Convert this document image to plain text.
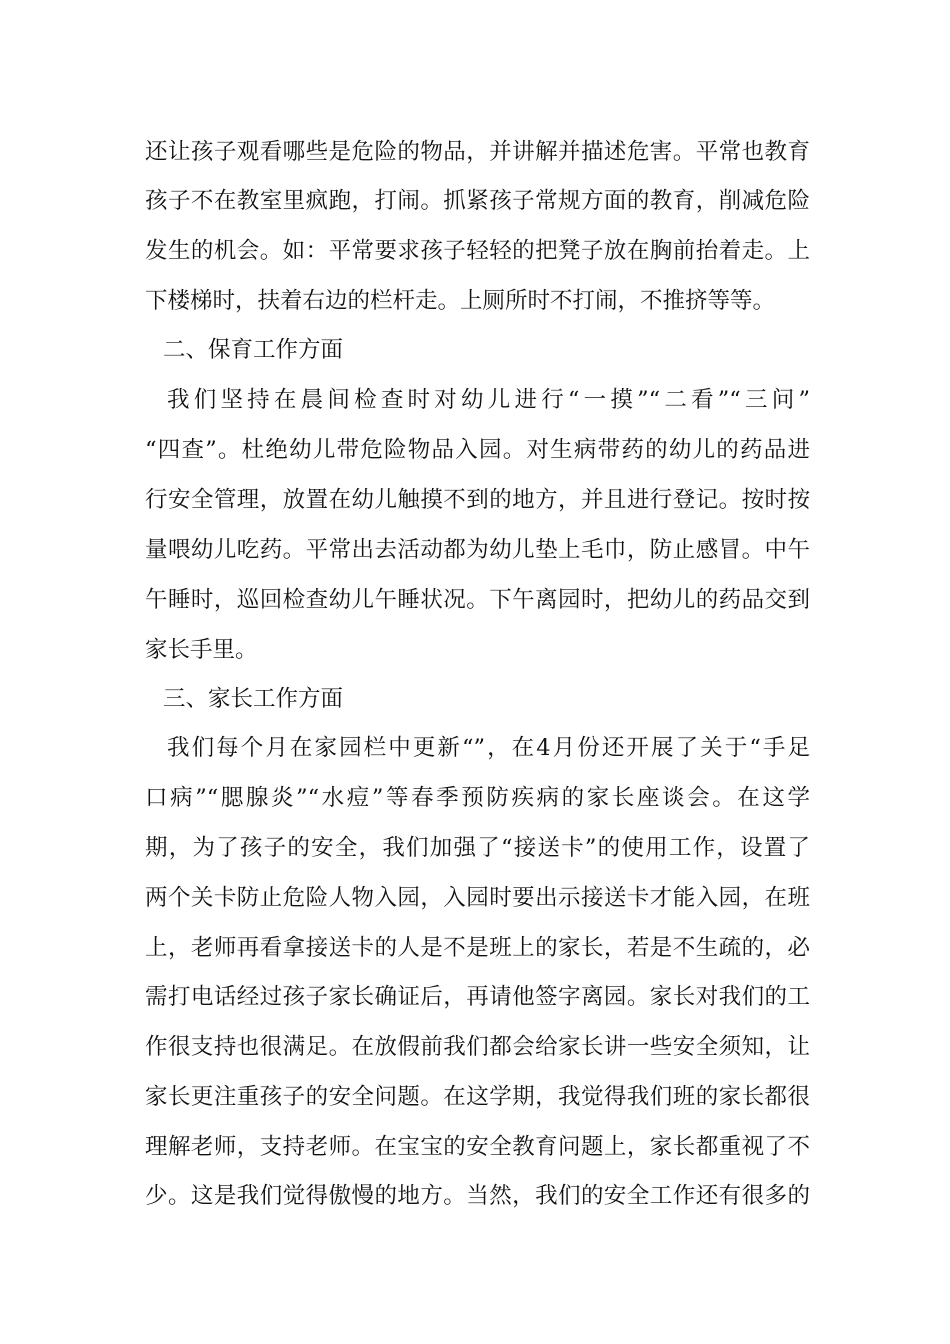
还让孩子观看哪些是危险的物品，并讲解并描述危害。平常也教育
孩子不在教室里疯跑，打闹。抓紧孩子常规方面的教育，削减危险
发生的机会。如：平常要求孩子轻轻的把凳子放在胸前抬着走。上
下楼梯时，扶着右边的栏杆走。上厕所时不打闹，不推挤等等。
二、保育工作方面
我们坚持在晨间检查时对幼儿进行“一摸”“二看”“三问”
“四查”。杜绝幼儿带危险物品入园。对生病带药的幼儿的药品进
行安全管理，放置在幼儿触摸不到的地方，并且进行登记。按时按
量喂幼儿吃药。平常出去活动都为幼儿垫上毛巾，防止感冒。中午
午睡时，巡回检查幼儿午睡状况。下午离园时，把幼儿的药品交到
家长手里。
三、家长工作方面
我们每个月在家园栏中更新“”，在4月份还开展了关于“手足
口病”“腮腺炎”“水痘”等春季预防疾病的家长座谈会。在这学
期，为了孩子的安全，我们加强了“接送卡”的使用工作，设置了
两个关卡防止危险人物入园，入园时要出示接送卡才能入园，在班
上，老师再看拿接送卡的人是不是班上的家长，若是不生疏的，必
需打电话经过孩子家长确证后，再请他签字离园。家长对我们的工
作很支持也很满足。在放假前我们都会给家长讲一些安全须知，让
家长更注重孩子的安全问题。在这学期，我觉得我们班的家长都很
理解老师，支持老师。在宝宝的安全教育问题上，家长都重视了不
少。这是我们觉得傲慢的地方。当然，我们的安全工作还有很多的
